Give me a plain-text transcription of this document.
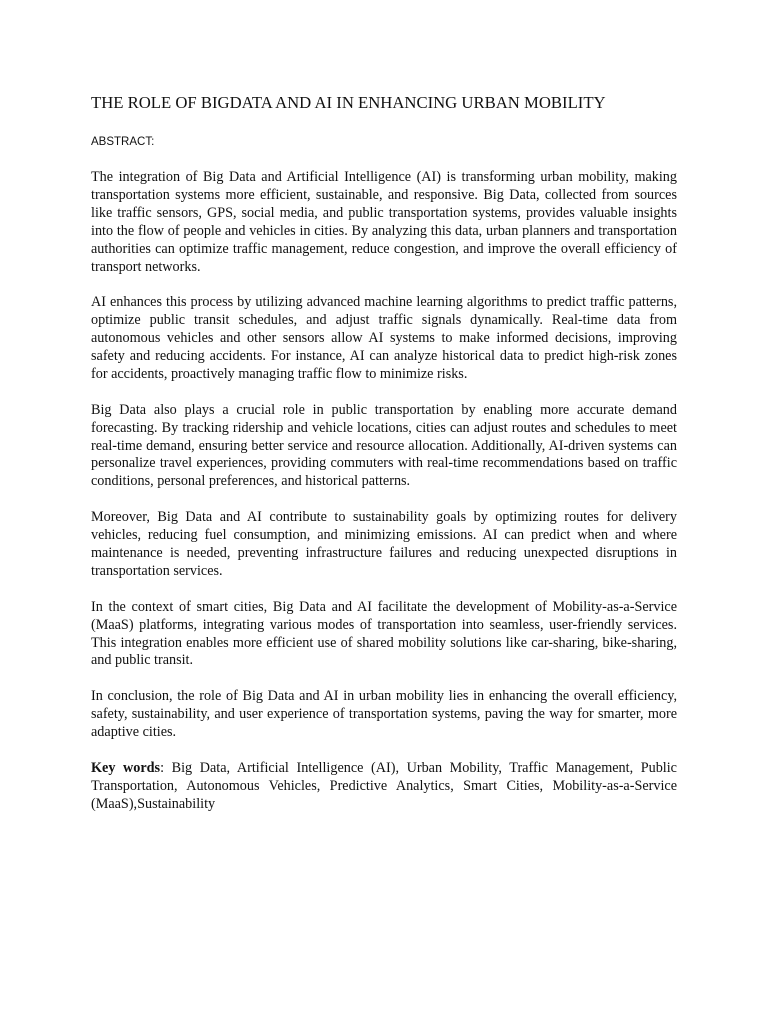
THE ROLE OF BIGDATA AND AI IN ENHANCING URBAN MOBILITY
ABSTRACT:

The integration of Big Data and Artificial Intelligence (AI) is transforming urban mobility, making transportation systems more efficient, sustainable, and responsive. Big Data, collected from sources like traffic sensors, GPS, social media, and public transportation systems, provides valuable insights into the flow of people and vehicles in cities. By analyzing this data, urban planners and transportation authorities can optimize traffic management, reduce congestion, and improve the overall efficiency of transport networks.

AI enhances this process by utilizing advanced machine learning algorithms to predict traffic patterns, optimize public transit schedules, and adjust traffic signals dynamically. Real-time data from autonomous vehicles and other sensors allow AI systems to make informed decisions, improving safety and reducing accidents. For instance, AI can analyze historical data to predict high-risk zones for accidents, proactively managing traffic flow to minimize risks.

Big Data also plays a crucial role in public transportation by enabling more accurate demand forecasting. By tracking ridership and vehicle locations, cities can adjust routes and schedules to meet real-time demand, ensuring better service and resource allocation. Additionally, AI-driven systems can personalize travel experiences, providing commuters with real-time recommendations based on traffic conditions, personal preferences, and historical patterns.

Moreover, Big Data and AI contribute to sustainability goals by optimizing routes for delivery vehicles, reducing fuel consumption, and minimizing emissions. AI can predict when and where maintenance is needed, preventing infrastructure failures and reducing unexpected disruptions in transportation services.

In the context of smart cities, Big Data and AI facilitate the development of Mobility-as-a-Service (MaaS) platforms, integrating various modes of transportation into seamless, user-friendly services. This integration enables more efficient use of shared mobility solutions like car-sharing, bike-sharing, and public transit.

In conclusion, the role of Big Data and AI in urban mobility lies in enhancing the overall efficiency, safety, sustainability, and user experience of transportation systems, paving the way for smarter, more adaptive cities.

Key words: Big Data, Artificial Intelligence (AI), Urban Mobility, Traffic Management, Public Transportation, Autonomous Vehicles, Predictive Analytics, Smart Cities, Mobility-as-a-Service (MaaS),Sustainability
